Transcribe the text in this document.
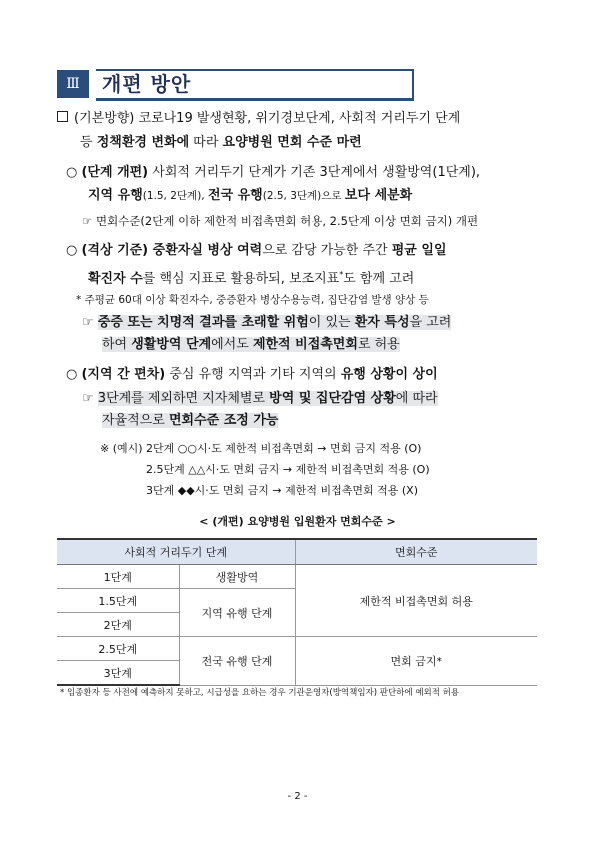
Ⅲ	개편 방안
(기본방향) 코로나19 발생현황, 위기경보단계, 사회적 거리두기 단계
등 정책환경 변화에 따라 요양병원 면회 수준 마련
○ (단계 개편) 사회적 거리두기 단계가 기존 3단계에서 생활방역(1단계),
지역 유행(1.5, 2단계), 전국 유행(2.5, 3단계)으로 보다 세분화
☞ 면회수준(2단계 이하 제한적 비접촉면회 허용, 2.5단계 이상 면회 금지) 개편
○ (격상 기준) 중환자실 병상 여력으로 감당 가능한 주간 평균 일일
확진자 수를 핵심 지표로 활용하되, 보조지표*도 함께 고려
* 주평균 60대 이상 확진자수, 중증환자 병상수용능력, 집단감염 발생 양상 등
☞ 중증 또는 치명적 결과를 초래할 위험이 있는 환자 특성을 고려
하여 생활방역 단계에서도 제한적 비접촉면회로 허용
○ (지역 간 편차) 중심 유행 지역과 기타 지역의 유행 상황이 상이
☞ 3단계를 제외하면 지자체별로 방역 및 집단감염 상황에 따라
자율적으로 면회수준 조정 가능
※ (예시) 2단계 ○○시·도 제한적 비접촉면회 → 면회 금지 적용 (O)
2.5단계 △△시·도 면회 금지 → 제한적 비접촉면회 적용 (O)
3단계 ◆◆시·도 면회 금지 → 제한적 비접촉면회 적용 (X)
< (개편) 요양병원 입원환자 면회수준 >
사회적 거리두기 단계		면회수준
1단계	생활방역	제한적 비접촉면회 허용
1.5단계	지역 유행 단계	
2단계		
2.5단계	전국 유행 단계	면회 금지*
3단계		
* 임종환자 등 사전에 예측하지 못하고, 시급성을 요하는 경우 기관운영자(방역책임자) 판단하에 예외적 허용
- 2 -
